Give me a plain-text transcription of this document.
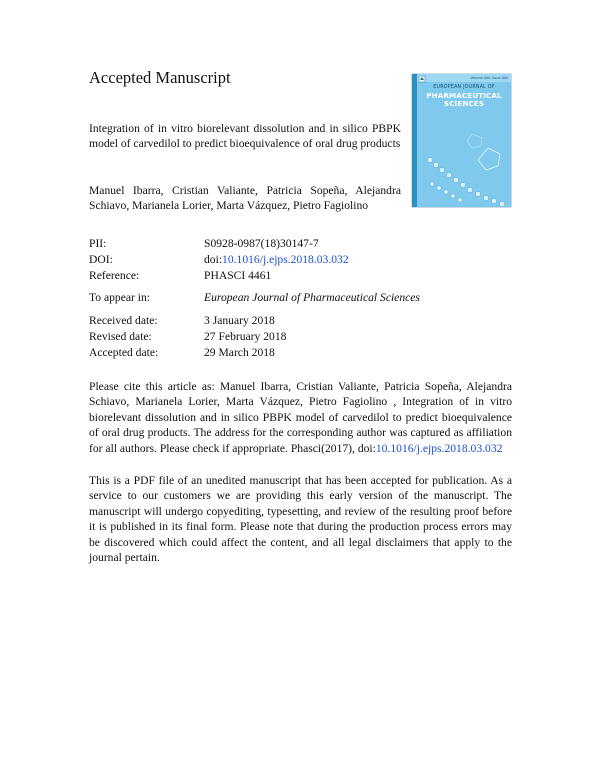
Accepted Manuscript

Integration of in vitro biorelevant dissolution and in silico PBPK model of carvedilol to predict bioequivalence of oral drug products

Manuel Ibarra, Cristian Valiante, Patricia Sopeña, Alejandra Schiavo, Marianela Lorier, Marta Vázquez, Pietro Fagiolino

Volume 000, Issue 000
EUROPEAN JOURNAL OF
PHARMACEUTICAL
SCIENCES
PII:	S0928-0987(18)30147-7
DOI:	doi:10.1016/j.ejps.2018.03.032
Reference:	PHASCI 4461
To appear in:	European Journal of Pharmaceutical Sciences
Received date:	3 January 2018
Revised date:	27 February 2018
Accepted date:	29 March 2018

Please cite this article as: Manuel Ibarra, Cristian Valiante, Patricia Sopeña, Alejandra Schiavo, Marianela Lorier, Marta Vázquez, Pietro Fagiolino , Integration of in vitro biorelevant dissolution and in silico PBPK model of carvedilol to predict bioequivalence of oral drug products. The address for the corresponding author was captured as affiliation for all authors. Please check if appropriate. Phasci(2017), doi:10.1016/j.ejps.2018.03.032

This is a PDF file of an unedited manuscript that has been accepted for publication. As a service to our customers we are providing this early version of the manuscript. The manuscript will undergo copyediting, typesetting, and review of the resulting proof before it is published in its final form. Please note that during the production process errors may be discovered which could affect the content, and all legal disclaimers that apply to the journal pertain.
